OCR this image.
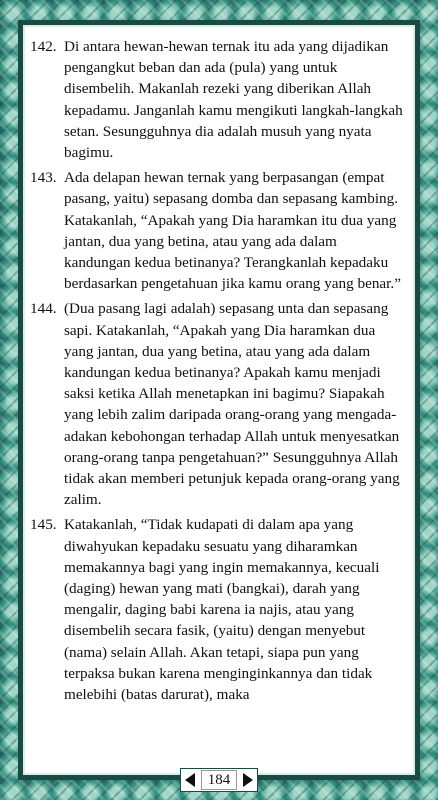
142. Di antara hewan-hewan ternak itu ada yang dijadikan pengangkut beban dan ada (pula) yang untuk disembelih. Makanlah rezeki yang diberikan Allah kepadamu. Janganlah kamu mengikuti langkah-langkah setan. Sesungguhnya dia adalah musuh yang nyata bagimu.
143. Ada delapan hewan ternak yang berpasangan (empat pasang, yaitu) sepasang domba dan sepasang kambing. Katakanlah, “Apakah yang Dia haramkan itu dua yang jantan, dua yang betina, atau yang ada dalam kandungan kedua betinanya? Terangkanlah kepadaku berdasarkan pengetahuan jika kamu orang yang benar.”
144. (Dua pasang lagi adalah) sepasang unta dan sepasang sapi. Katakanlah, “Apakah yang Dia haramkan dua yang jantan, dua yang betina, atau yang ada dalam kandungan kedua betinanya? Apakah kamu menjadi saksi ketika Allah menetapkan ini bagimu? Siapakah yang lebih zalim daripada orang-orang yang mengada-adakan kebohongan terhadap Allah untuk menyesatkan orang-orang tanpa pengetahuan?” Sesungguhnya Allah tidak akan memberi petunjuk kepada orang-orang yang zalim.
145. Katakanlah, “Tidak kudapati di dalam apa yang diwahyukan kepadaku sesuatu yang diharamkan memakannya bagi yang ingin memakannya, kecuali (daging) hewan yang mati (bangkai), darah yang mengalir, daging babi karena ia najis, atau yang disembelih secara fasik, (yaitu) dengan menyebut (nama) selain Allah. Akan tetapi, siapa pun yang terpaksa bukan karena menginginkannya dan tidak melebihi (batas darurat), maka
184
